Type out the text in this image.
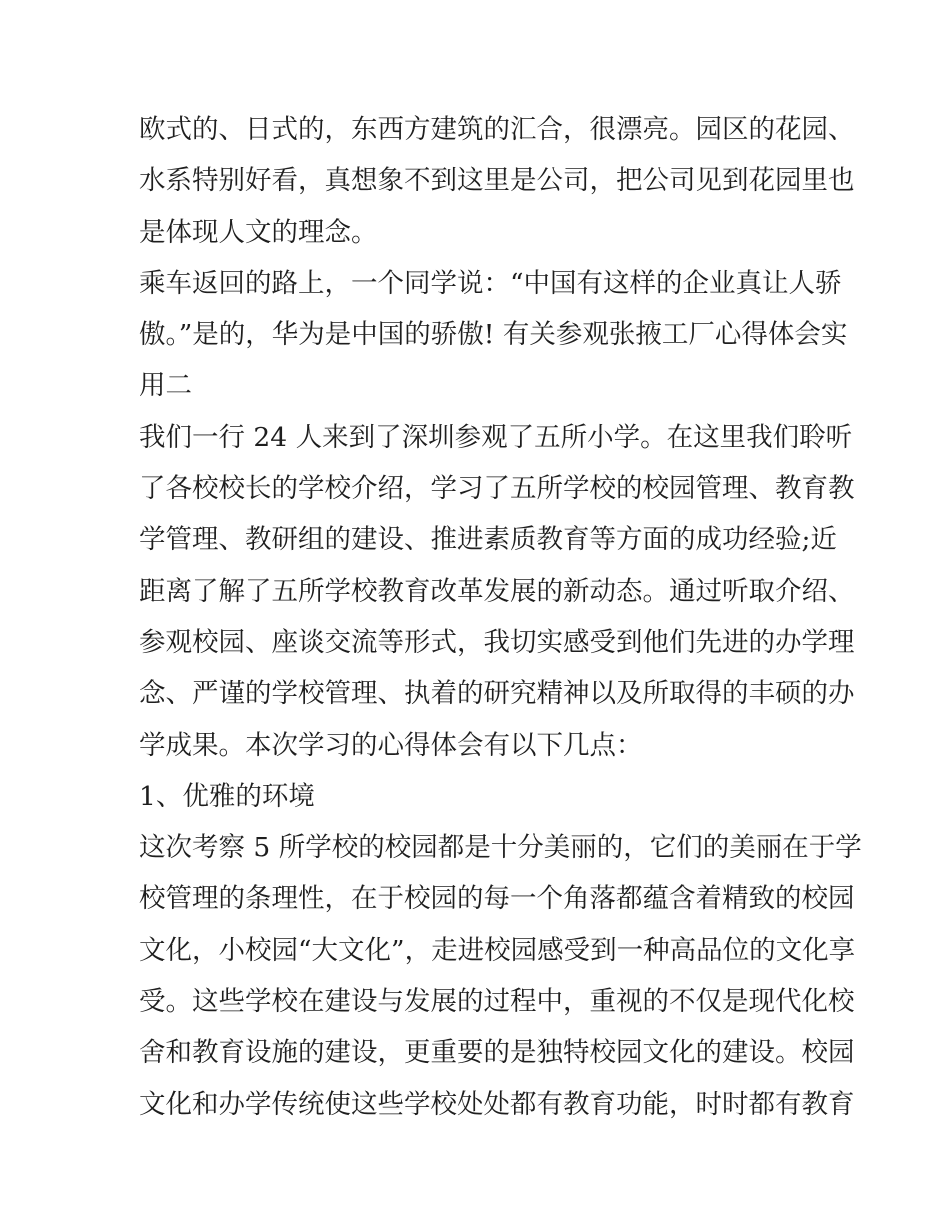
欧式的、日式的，东西方建筑的汇合，很漂亮。园区的花园、
水系特别好看，真想象不到这里是公司，把公司见到花园里也
是体现人文的理念。
乘车返回的路上，一个同学说：“中国有这样的企业真让人骄
傲。”是的，华为是中国的骄傲! 有关参观张掖工厂心得体会实
用二
我们一行 24 人来到了深圳参观了五所小学。在这里我们聆听
了各校校长的学校介绍，学习了五所学校的校园管理、教育教
学管理、教研组的建设、推进素质教育等方面的成功经验;近
距离了解了五所学校教育改革发展的新动态。通过听取介绍、
参观校园、座谈交流等形式，我切实感受到他们先进的办学理
念、严谨的学校管理、执着的研究精神以及所取得的丰硕的办
学成果。本次学习的心得体会有以下几点：
1、优雅的环境
这次考察 5 所学校的校园都是十分美丽的，它们的美丽在于学
校管理的条理性，在于校园的每一个角落都蕴含着精致的校园
文化，小校园“大文化”，走进校园感受到一种高品位的文化享
受。这些学校在建设与发展的过程中，重视的不仅是现代化校
舍和教育设施的建设，更重要的是独特校园文化的建设。校园
文化和办学传统使这些学校处处都有教育功能，时时都有教育
